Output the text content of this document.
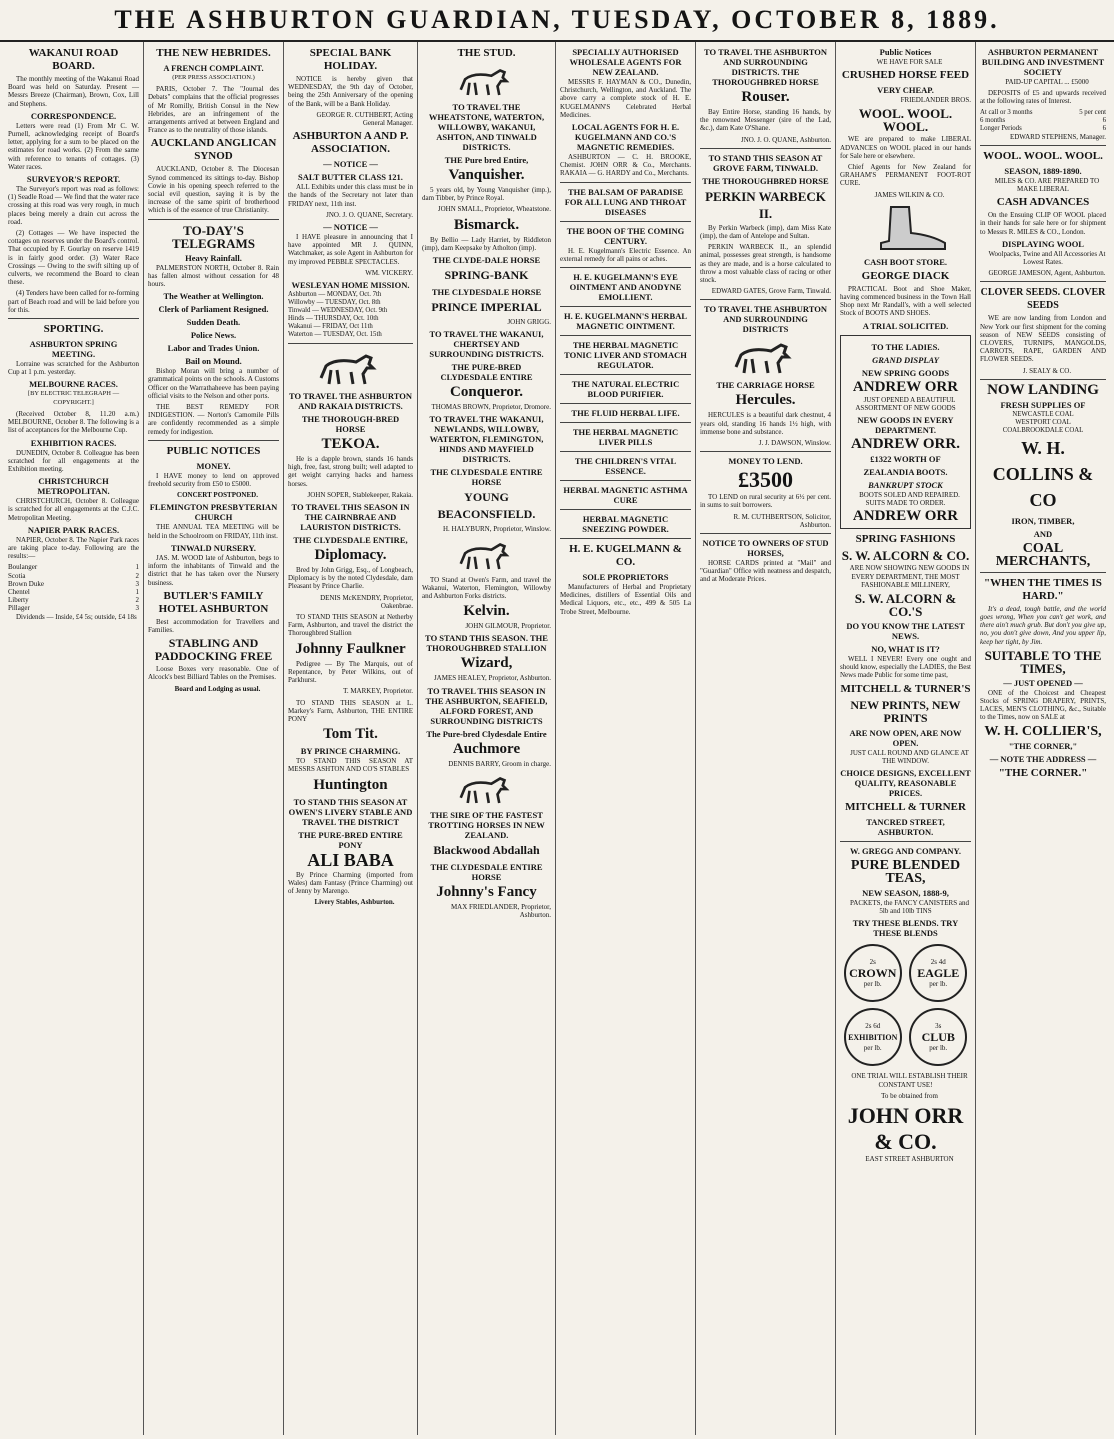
THE ASHBURTON GUARDIAN, TUESDAY, OCTOBER 8, 1889.
WAKANUI ROAD BOARD.

The monthly meeting of the Wakanui Road Board was held on Saturday. Present — Messrs Breeze (Chairman), Brown, Cox, Lill and Stephens.

CORRESPONDENCE.

Letters were read (1) From Mr C. W. Purnell, acknowledging receipt of Board's letter, applying for a sum to be placed on the estimates for road works. (2) From the same with reference to tenants of cottages. (3) Water races.

SURVEYOR'S REPORT.

The Surveyor's report was read as follows: (1) Seadle Road — We find that the water race crossing at this road was very rough, in much places being merely a drain cut across the road.

(2) Cottages — We have inspected the cottages on reserves under the Board's control. That occupied by F. Gourlay on reserve 1419 is in fairly good order. (3) Water Race Crossings — Owing to the swift silting up of culverts, we recommend the Board to clean these.

(4) Tenders have been called for re-forming part of Beach road and will be laid before you for this.

SPORTING.
ASHBURTON SPRING MEETING.

Lorraine was scratched for the Ashburton Cup at 1 p.m. yesterday.

MELBOURNE RACES.
[BY ELECTRIC TELEGRAPH — COPYRIGHT.]

(Received October 8, 11.20 a.m.) MELBOURNE, October 8. The following is a list of acceptances for the Melbourne Cup.

EXHIBITION RACES.

DUNEDIN, October 8. Colleague has been scratched for all engagements at the Exhibition meeting.

CHRISTCHURCH METROPOLITAN.

CHRISTCHURCH, October 8. Colleague is scratched for all engagements at the C.J.C. Metropolitan Meeting.

NAPIER PARK RACES.

NAPIER, October 8. The Napier Park races are taking place to-day. Following are the results:—

Boulanger	1
Scotia	2
Brown Duke	3
Chentel	1
Liberty	2
Pillager	3

Dividends — Inside, £4 5s; outside, £4 18s

THE NEW HEBRIDES.
A FRENCH COMPLAINT.
(PER PRESS ASSOCIATION.)

PARIS, October 7. The "Journal des Debats" complains that the official progresses of Mr Romilly, British Consul in the New Hebrides, are an infringement of the arrangements arrived at between England and France as to the neutrality of those islands.

AUCKLAND ANGLICAN SYNOD

AUCKLAND, October 8. The Diocesan Synod commenced its sittings to-day. Bishop Cowie in his opening speech referred to the social evil question, saying it is by the increase of the same spirit of brotherhood which is of the essence of true Christianity.

TO-DAY'S TELEGRAMS
Heavy Rainfall.

PALMERSTON NORTH, October 8. Rain has fallen almost without cessation for 48 hours.

The Weather at Wellington.
Clerk of Parliament Resigned.
Sudden Death.
Police News.
Labor and Trades Union.
Bail on Mound.

Bishop Moran will bring a number of grammatical points on the schools. A Customs Officer on the Warrathaheeve has been paying official visits to the Nelson and other ports.

THE BEST REMEDY FOR INDIGESTION. — Norton's Camomile Pills are confidently recommended as a simple remedy for indigestion.

PUBLIC NOTICES
MONEY.

I HAVE money to lend on approved freehold security from £50 to £5000.

CONCERT POSTPONED.

FLEMINGTON PRESBYTERIAN CHURCH

THE ANNUAL TEA MEETING will be held in the Schoolroom on FRIDAY, 11th inst.

TINWALD NURSERY.

JAS. M. WOOD late of Ashburton, begs to inform the inhabitants of Tinwald and the district that he has taken over the Nursery business.

BUTLER'S FAMILY HOTEL ASHBURTON

Best accommodation for Travellers and Families.

STABLING AND PADDOCKING FREE

Loose Boxes very reasonable. One of Alcock's best Billiard Tables on the Premises.

Board and Lodging as usual.

SPECIAL BANK HOLIDAY.

NOTICE is hereby given that WEDNESDAY, the 9th day of October, being the 25th Anniversary of the opening of the Bank, will be a Bank Holiday.

GEORGE R. CUTHBERT, Acting General Manager.

ASHBURTON A AND P. ASSOCIATION.
— NOTICE —
SALT BUTTER CLASS 121.

ALL Exhibits under this class must be in the hands of the Secretary not later than FRIDAY next, 11th inst.

JNO. J. O. QUANE, Secretary.

— NOTICE —

I HAVE pleasure in announcing that I have appointed MR J. QUINN, Watchmaker, as sole Agent in Ashburton for my improved PEBBLE SPECTACLES.

WM. VICKERY.

WESLEYAN HOME MISSION.
Ashburton — MONDAY, Oct. 7th
Willowby — TUESDAY, Oct. 8th
Tinwald — WEDNESDAY, Oct. 9th
Hinds — THURSDAY, Oct. 10th
Wakanui — FRIDAY, Oct 11th
Waterton — TUESDAY, Oct. 15th
TO TRAVEL THE ASHBURTON AND RAKAIA DISTRICTS.
THE THOROUGH-BRED HORSE
TEKOA.

He is a dapple brown, stands 16 hands high, free, fast, strong built; well adapted to get weight carrying hacks and harness horses.

JOHN SOPER, Stablekeeper, Rakaia.

TO TRAVEL THIS SEASON IN THE CAIRNBRAE AND LAURISTON DISTRICTS.
THE CLYDESDALE ENTIRE,
Diplomacy.

Bred by John Grigg, Esq., of Longbeach, Diplomacy is by the noted Clydesdale, dam Pleasant by Prince Charlie.

DENIS McKENDRY, Proprietor, Oakenbrae.

TO STAND THIS SEASON at Netherby Farm, Ashburton, and travel the district the Thoroughbred Stallion

Johnny Faulkner

Pedigree — By The Marquis, out of Repentance, by Peter Wilkins, out of Parkhurst.

T. MARKEY, Proprietor.

TO STAND THIS SEASON at L. Markey's Farm, Ashburton, THE ENTIRE PONY

Tom Tit.
BY PRINCE CHARMING.

TO STAND THIS SEASON AT MESSRS ASHTON AND CO'S STABLES

Huntington
TO STAND THIS SEASON AT OWEN'S LIVERY STABLE AND TRAVEL THE DISTRICT
THE PURE-BRED ENTIRE PONY
ALI BABA

By Prince Charming (imported from Wales) dam Fantasy (Prince Charming) out of Jenny by Marengo.

Livery Stables, Ashburton.

THE STUD.
TO TRAVEL THE WHEATSTONE, WATERTON, WILLOWBY, WAKANUI, ASHTON, AND TINWALD DISTRICTS.
THE Pure bred Entire,
Vanquisher.

5 years old, by Young Vanquisher (imp.), dam Tibber, by Prince Royal.

JOHN SMALL, Proprietor, Wheatstone.

Bismarck.

By Bellio — Lady Harriet, by Riddleton (imp), dam Keepsake by Atholton (imp).

THE CLYDE-DALE HORSE
SPRING-BANK
THE CLYDESDALE HORSE
PRINCE IMPERIAL

JOHN GRIGG.

TO TRAVEL THE WAKANUI, CHERTSEY AND SURROUNDING DISTRICTS.
THE PURE-BRED CLYDESDALE ENTIRE
Conqueror.

THOMAS BROWN, Proprietor, Dromore.

TO TRAVEL THE WAKANUI, NEWLANDS, WILLOWBY, WATERTON, FLEMINGTON, HINDS AND MAYFIELD DISTRICTS.
THE CLYDESDALE ENTIRE HORSE
YOUNG BEACONSFIELD.

H. HALYBURN, Proprietor, Winslow.

TO Stand at Owen's Farm, and travel the Wakanui, Waterton, Flemington, Willowby and Ashburton Forks districts.

Kelvin.

JOHN GILMOUR, Proprietor.

TO STAND THIS SEASON. THE THOROUGHBRED STALLION
Wizard,

JAMES HEALEY, Proprietor, Ashburton.

TO TRAVEL THIS SEASON IN THE ASHBURTON, SEAFIELD, ALFORD FOREST, AND SURROUNDING DISTRICTS
The Pure-bred Clydesdale Entire
Auchmore

DENNIS BARRY, Groom in charge.

THE SIRE OF THE FASTEST TROTTING HORSES IN NEW ZEALAND.
Blackwood Abdallah
THE CLYDESDALE ENTIRE HORSE
Johnny's Fancy

MAX FRIEDLANDER, Proprietor, Ashburton.

SPECIALLY AUTHORISED WHOLESALE AGENTS FOR NEW ZEALAND.

MESSRS F. HAYMAN & CO., Dunedin, Christchurch, Wellington, and Auckland. The above carry a complete stock of H. E. KUGELMANN'S Celebrated Herbal Medicines.

LOCAL AGENTS FOR H. E. KUGELMANN AND CO.'S MAGNETIC REMEDIES.

ASHBURTON — C. H. BROOKE, Chemist. JOHN ORR & Co., Merchants. RAKAIA — G. HARDY and Co., Merchants.

THE BALSAM OF PARADISE FOR ALL LUNG AND THROAT DISEASES
THE BOON OF THE COMING CENTURY.

H. E. Kugelmann's Electric Essence. An external remedy for all pains or aches.

H. E. KUGELMANN'S EYE OINTMENT AND ANODYNE EMOLLIENT.
H. E. KUGELMANN'S HERBAL MAGNETIC OINTMENT.
THE HERBAL MAGNETIC TONIC LIVER AND STOMACH REGULATOR.
THE NATURAL ELECTRIC BLOOD PURIFIER.
THE FLUID HERBAL LIFE.
THE HERBAL MAGNETIC LIVER PILLS
THE CHILDREN'S VITAL ESSENCE.
HERBAL MAGNETIC ASTHMA CURE
HERBAL MAGNETIC SNEEZING POWDER.
H. E. KUGELMANN & CO.
SOLE PROPRIETORS

Manufacturers of Herbal and Proprietary Medicines, distillers of Essential Oils and Medical Liquors, etc., etc., 499 & 505 La Trobe Street, Melbourne.

TO TRAVEL THE ASHBURTON AND SURROUNDING DISTRICTS. THE THOROUGHBRED HORSE
Rouser.

Bay Entire Horse, standing 16 hands, by the renowned Messenger (sire of the Lad, &c.), dam Kate O'Shane.

JNO. J. O. QUANE, Ashburton.

TO STAND THIS SEASON AT GROVE FARM, TINWALD.
THE THOROUGHBRED HORSE
PERKIN WARBECK II.

By Perkin Warbeck (imp), dam Miss Kate (imp), the dam of Antelope and Sultan.

PERKIN WARBECK II., an splendid animal, possesses great strength, is handsome as they are made, and is a horse calculated to throw a most valuable class of racing or other stock.

EDWARD GATES, Grove Farm, Tinwald.

TO TRAVEL THE ASHBURTON AND SURROUNDING DISTRICTS
THE CARRIAGE HORSE
Hercules.

HERCULES is a beautiful dark chestnut, 4 years old, standing 16 hands 1½ high, with immense bone and substance.

J. J. DAWSON, Winslow.

MONEY TO LEND.
£3500

TO LEND on rural security at 6½ per cent. in sums to suit borrowers.

R. M. CUTHBERTSON, Solicitor, Ashburton.

NOTICE TO OWNERS OF STUD HORSES,

HORSE CARDS printed at "Mail" and "Guardian" Office with neatness and despatch, and at Moderate Prices.

Public Notices

WE HAVE FOR SALE

CRUSHED HORSE FEED
VERY CHEAP.

FRIEDLANDER BROS.

WOOL. WOOL. WOOL.

WE are prepared to make LIBERAL ADVANCES on WOOL placed in our hands for Sale here or elsewhere.

Chief Agents for New Zealand for GRAHAM'S PERMANENT FOOT-ROT CURE.

JAMES WILKIN & CO.

CASH BOOT STORE.
GEORGE DIACK

PRACTICAL Boot and Shoe Maker, having commenced business in the Town Hall Shop next Mr Randall's, with a well selected Stock of BOOTS AND SHOES.

A TRIAL SOLICITED.
TO THE LADIES.
GRAND DISPLAY
NEW SPRING GOODS
ANDREW ORR

JUST OPENED A BEAUTIFUL ASSORTMENT OF NEW GOODS

NEW GOODS IN EVERY DEPARTMENT.
ANDREW ORR.
£1322 WORTH OF
ZEALANDIA BOOTS.
BANKRUPT STOCK

BOOTS SOLED AND REPAIRED. SUITS MADE TO ORDER.

ANDREW ORR
SPRING FASHIONS
S. W. ALCORN & CO.

ARE NOW SHOWING NEW GOODS IN EVERY DEPARTMENT, THE MOST FASHIONABLE MILLINERY,

S. W. ALCORN & CO.'S
DO YOU KNOW THE LATEST NEWS.
NO, WHAT IS IT?

WELL I NEVER! Every one ought and should know, especially the LADIES, the Best News made Public for some time past,

MITCHELL & TURNER'S
NEW PRINTS, NEW PRINTS
ARE NOW OPEN, ARE NOW OPEN.

JUST CALL ROUND AND GLANCE AT THE WINDOW.

CHOICE DESIGNS, EXCELLENT QUALITY, REASONABLE PRICES.
MITCHELL & TURNER
TANCRED STREET, ASHBURTON.
W. GREGG AND COMPANY.
PURE BLENDED TEAS,
NEW SEASON, 1888-9,

PACKETS, the FANCY CANISTERS and 5lb and 10lb TINS

TRY THESE BLENDS. TRY THESE BLENDS
2s
CROWN
per lb.
2s 4d
EAGLE
per lb.
2s 6d
EXHIBITION
per lb.
3s
CLUB
per lb.

ONE TRIAL WILL ESTABLISH THEIR CONSTANT USE!

To be obtained from

JOHN ORR & CO.

EAST STREET ASHBURTON

ASHBURTON PERMANENT BUILDING AND INVESTMENT SOCIETY

PAID-UP CAPITAL ... £5000

DEPOSITS of £5 and upwards received at the following rates of Interest.

At call or 3 months	5 per cent
6 months	6
Longer Periods	6

EDWARD STEPHENS, Manager.

WOOL. WOOL. WOOL.
SEASON, 1889-1890.

MILES & CO. ARE PREPARED TO MAKE LIBERAL

CASH ADVANCES

On the Ensuing CLIP OF WOOL placed in their hands for sale here or for shipment to Messrs R. MILES & CO., London.

DISPLAYING WOOL

Woolpacks, Twine and All Accessories At Lowest Rates.

GEORGE JAMESON, Agent, Ashburton.

CLOVER SEEDS. CLOVER SEEDS

WE are now landing from London and New York our first shipment for the coming season of NEW SEEDS consisting of CLOVERS, TURNIPS, MANGOLDS, CARROTS, RAPE, GARDEN AND FLOWER SEEDS.

J. SEALY & CO.

NOW LANDING
FRESH SUPPLIES OF
NEWCASTLE COAL
WESTPORT COAL
COALBROOKDALE COAL
W. H. COLLINS & CO
IRON, TIMBER,
AND
COAL MERCHANTS,
"WHEN THE TIMES IS HARD."

It's a dead, tough battle, and the world goes wrong, When you can't get work, and there ain't much grub. But don't you give up, no, you don't give down, And you upper lip, keep her tight, by Jim.

SUITABLE TO THE TIMES,
— JUST OPENED —

ONE of the Choicest and Cheapest Stocks of SPRING DRAPERY, PRINTS, LACES, MEN'S CLOTHING, &c., Suitable to the Times, now on SALE at

W. H. COLLIER'S,
"THE CORNER,"
— NOTE THE ADDRESS —
"THE CORNER."
